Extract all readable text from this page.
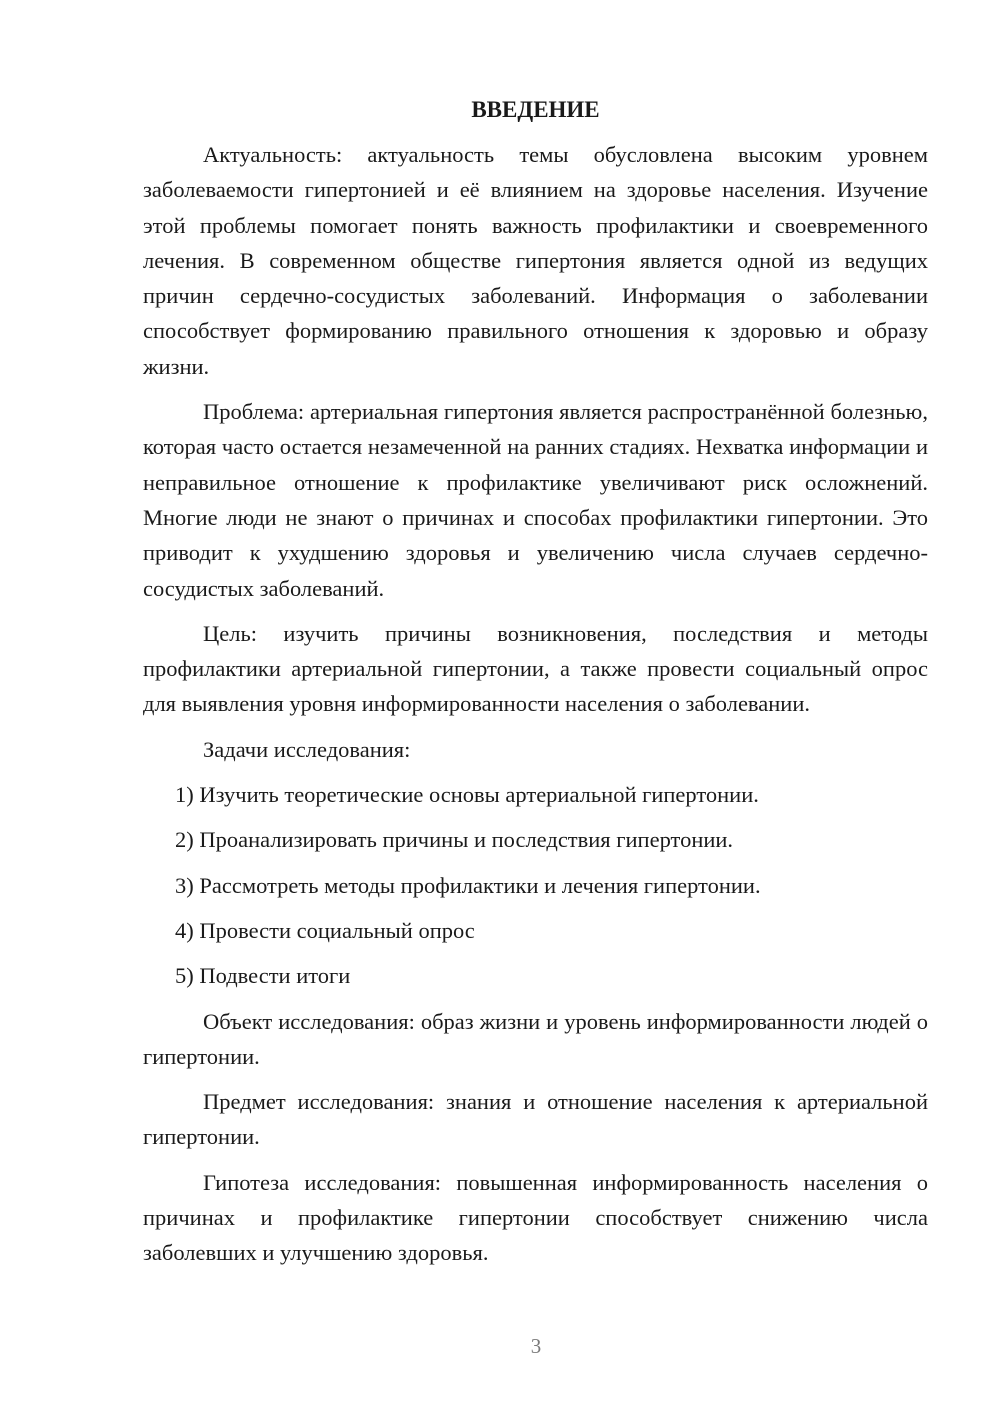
ВВЕДЕНИЕ

Актуальность: актуальность темы обусловлена высоким уровнем заболеваемости гипертонией и её влиянием на здоровье населения. Изучение этой проблемы помогает понять важность профилактики и своевременного лечения. В современном обществе гипертония является одной из ведущих причин сердечно-сосудистых заболеваний. Информация о заболевании способствует формированию правильного отношения к здоровью и образу жизни.

Проблема: артериальная гипертония является распространённой болезнью, которая часто остается незамеченной на ранних стадиях. Нехватка информации и неправильное отношение к профилактике увеличивают риск осложнений. Многие люди не знают о причинах и способах профилактики гипертонии. Это приводит к ухудшению здоровья и увеличению числа случаев сердечно-сосудистых заболеваний.

Цель: изучить причины возникновения, последствия и методы профилактики артериальной гипертонии, а также провести социальный опрос для выявления уровня информированности населения о заболевании.

Задачи исследования:

1) Изучить теоретические основы артериальной гипертонии.

2) Проанализировать причины и последствия гипертонии.

3) Рассмотреть методы профилактики и лечения гипертонии.

4) Провести социальный опрос

5) Подвести итоги

Объект исследования: образ жизни и уровень информированности людей о гипертонии.

Предмет исследования: знания и отношение населения к артериальной гипертонии.

Гипотеза исследования: повышенная информированность населения о причинах и профилактике гипертонии способствует снижению числа заболевших и улучшению здоровья.

3
